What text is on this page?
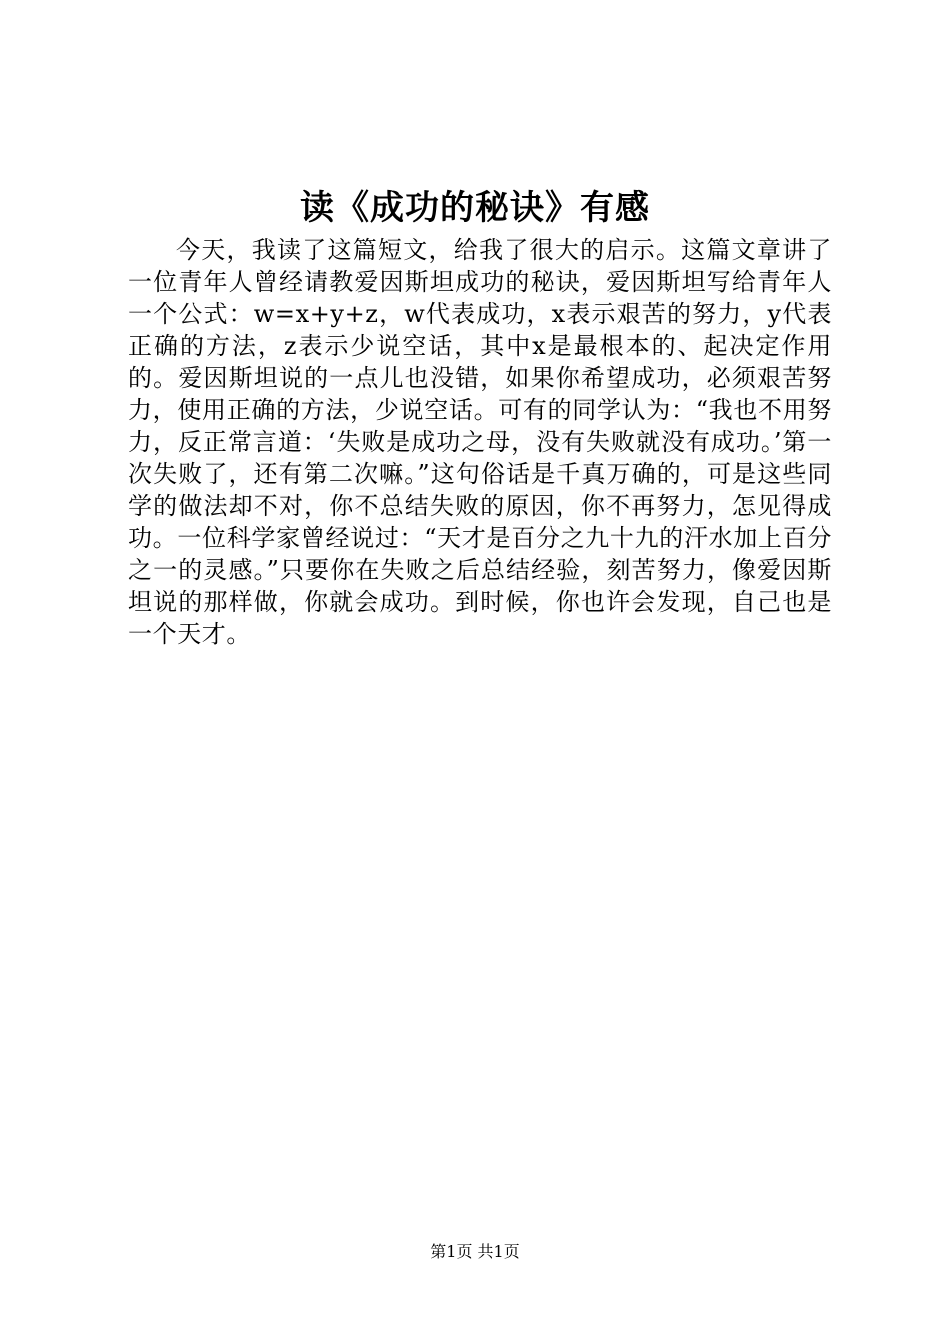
读《成功的秘诀》有感

今天，我读了这篇短文，给我了很大的启示。这篇文章讲了一位青年人曾经请教爱因斯坦成功的秘诀，爱因斯坦写给青年人一个公式：w=x+y+z，w代表成功，x表示艰苦的努力，y代表正确的方法，z表示少说空话，其中x是最根本的、起决定作用的。爱因斯坦说的一点儿也没错，如果你希望成功，必须艰苦努力，使用正确的方法，少说空话。可有的同学认为：“我也不用努力，反正常言道：‘失败是成功之母，没有失败就没有成功。’第一次失败了，还有第二次嘛。”这句俗话是千真万确的，可是这些同学的做法却不对，你不总结失败的原因，你不再努力，怎见得成功。一位科学家曾经说过：“天才是百分之九十九的汗水加上百分之一的灵感。”只要你在失败之后总结经验，刻苦努力，像爱因斯坦说的那样做，你就会成功。到时候，你也许会发现，自己也是一个天才。

第1页 共1页
